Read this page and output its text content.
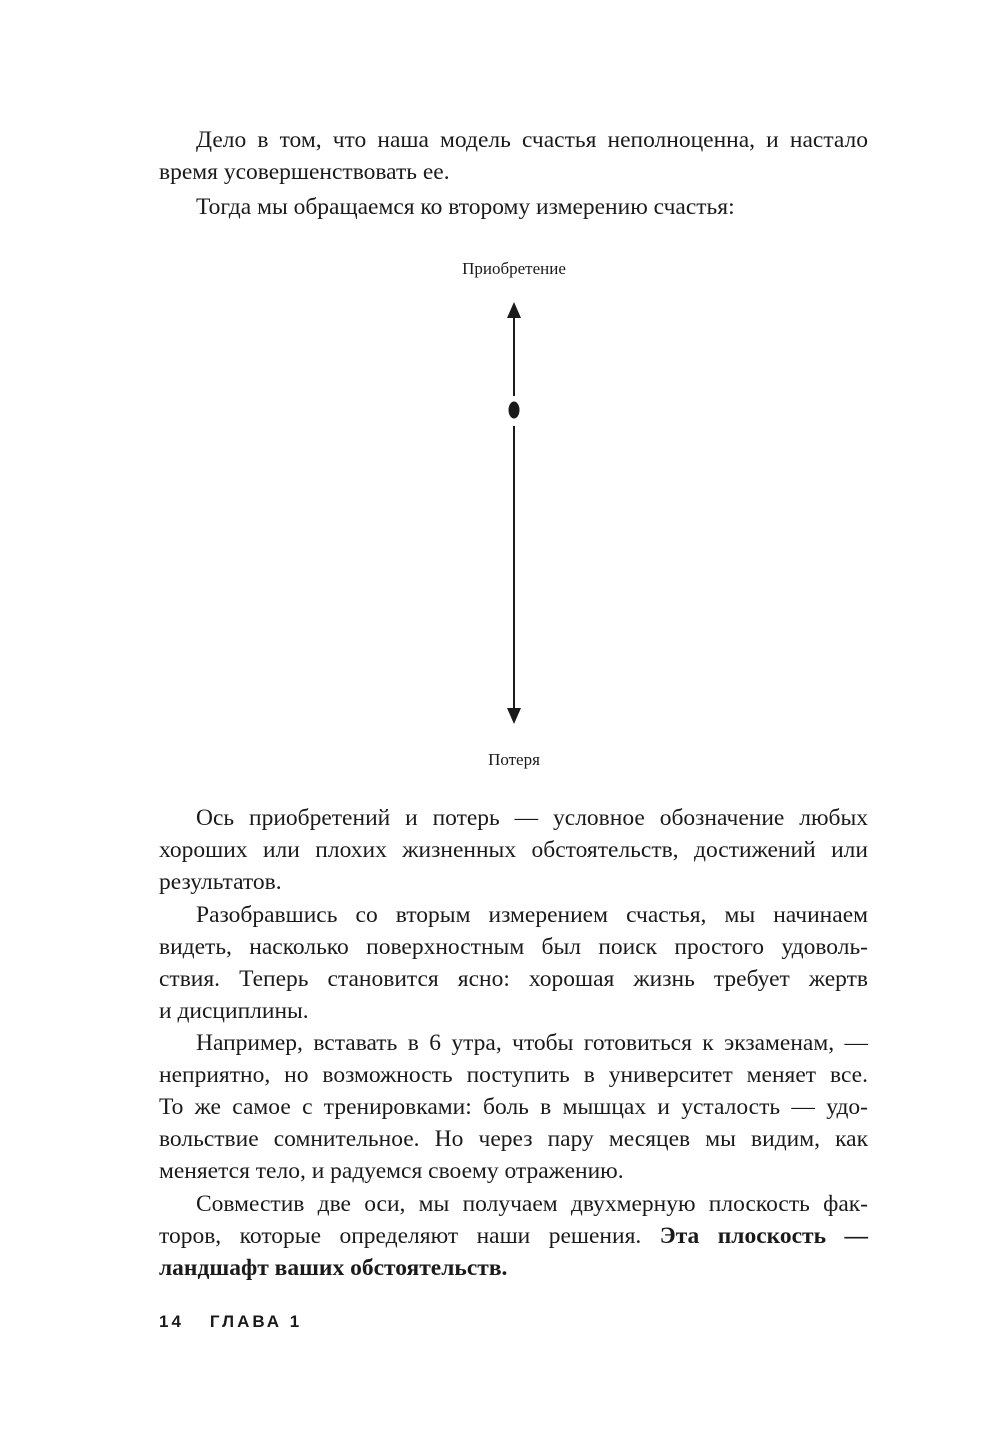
Дело в том, что наша модель счастья неполноценна, и настало
время усовершенствовать ее.
Тогда мы обращаемся ко второму измерению счастья:
Приобретение
Потеря
Ось приобретений и потерь — условное обозначение любых
хороших или плохих жизненных обстоятельств, достижений или
результатов.
Разобравшись со вторым измерением счастья, мы начинаем
видеть, насколько поверхностным был поиск простого удоволь-
ствия. Теперь становится ясно: хорошая жизнь требует жертв
и дисциплины.
Например, вставать в 6 утра, чтобы готовиться к экзаменам, —
неприятно, но возможность поступить в университет меняет все.
То же самое с тренировками: боль в мышцах и усталость — удо-
вольствие сомнительное. Но через пару месяцев мы видим, как
меняется тело, и радуемся своему отражению.
Совместив две оси, мы получаем двухмерную плоскость фак-
торов, которые определяют наши решения. Эта плоскость —
ландшафт ваших обстоятельств.
14 ГЛАВА 1
